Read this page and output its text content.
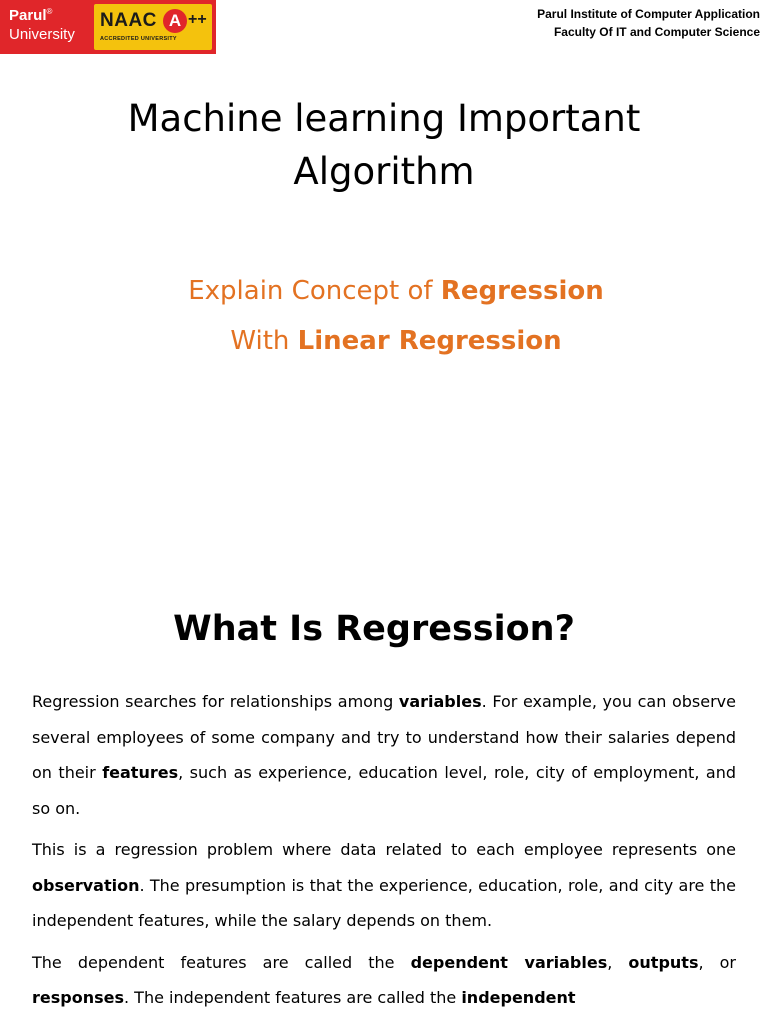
Parul®
University
NAAC A ++
ACCREDITED UNIVERSITY
Parul Institute of Computer Application
Faculty Of IT and Computer Science
Machine learning Important
Algorithm
Explain Concept of Regression
With Linear Regression
What Is Regression?

Regression searches for relationships among variables. For example, you can observe several employees of some company and try to understand how their salaries depend on their features, such as experience, education level, role, city of employment, and so on.

This is a regression problem where data related to each employee represents one observation. The presumption is that the experience, education, role, and city are the independent features, while the salary depends on them.

The dependent features are called the dependent variables, outputs, or responses. The independent features are called the independent
